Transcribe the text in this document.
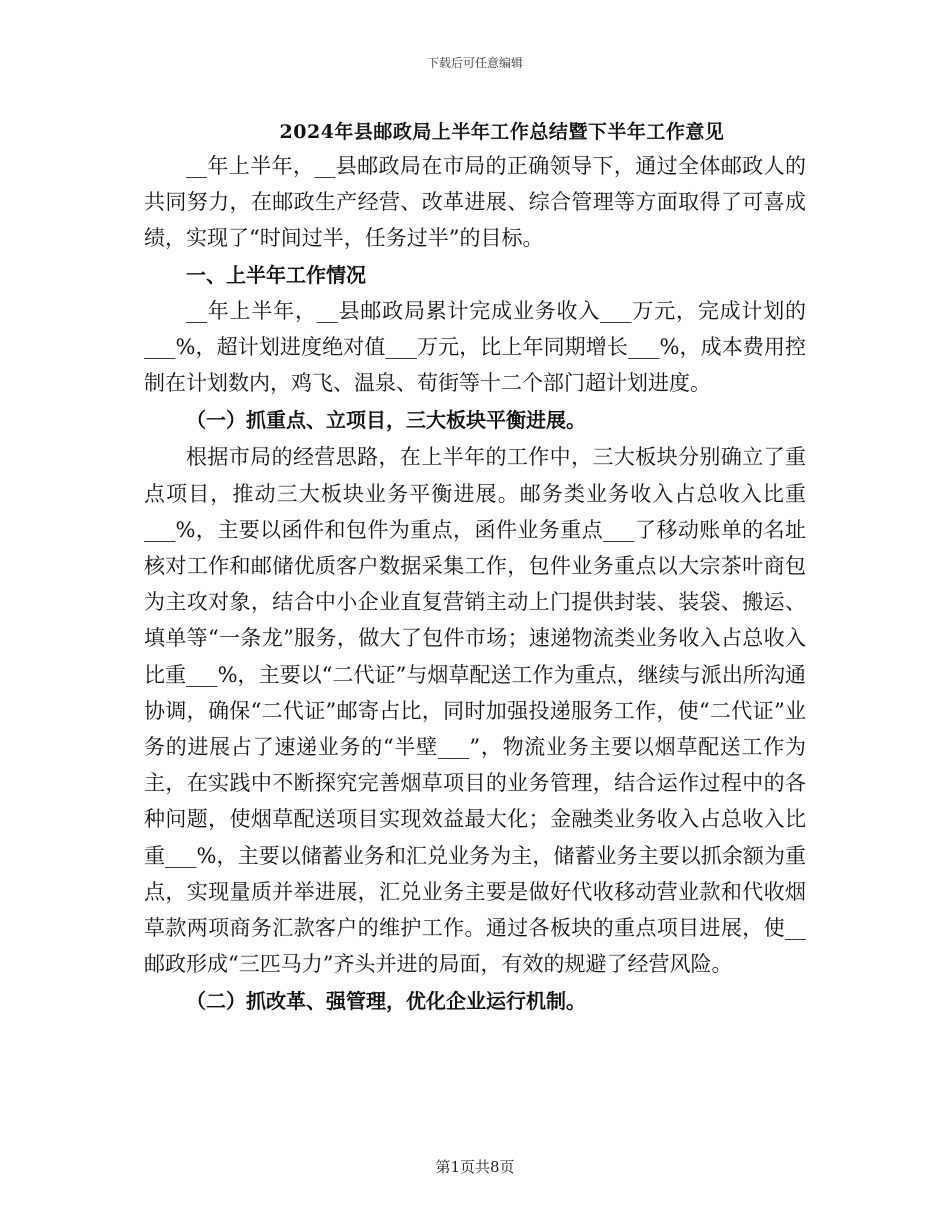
下载后可任意编辑
2024年县邮政局上半年工作总结暨下半年工作意见

__年上半年，__县邮政局在市局的正确领导下，通过全体邮政人的共同努力，在邮政生产经营、改革进展、综合管理等方面取得了可喜成绩，实现了“时间过半，任务过半”的目标。

一、上半年工作情况

__年上半年，__县邮政局累计完成业务收入___万元，完成计划的___%，超计划进度绝对值___万元，比上年同期增长___%，成本费用控制在计划数内，鸡飞、温泉、荀街等十二个部门超计划进度。

（一）抓重点、立项目，三大板块平衡进展。

根据市局的经营思路，在上半年的工作中，三大板块分别确立了重点项目，推动三大板块业务平衡进展。邮务类业务收入占总收入比重___%，主要以函件和包件为重点，函件业务重点___了移动账单的名址核对工作和邮储优质客户数据采集工作，包件业务重点以大宗茶叶商包为主攻对象，结合中小企业直复营销主动上门提供封装、装袋、搬运、填单等“一条龙”服务，做大了包件市场；速递物流类业务收入占总收入比重___%，主要以“二代证”与烟草配送工作为重点，继续与派出所沟通协调，确保“二代证”邮寄占比，同时加强投递服务工作，使“二代证”业务的进展占了速递业务的“半壁___”，物流业务主要以烟草配送工作为主，在实践中不断探究完善烟草项目的业务管理，结合运作过程中的各种问题，使烟草配送项目实现效益最大化；金融类业务收入占总收入比重___%，主要以储蓄业务和汇兑业务为主，储蓄业务主要以抓余额为重点，实现量质并举进展，汇兑业务主要是做好代收移动营业款和代收烟草款两项商务汇款客户的维护工作。通过各板块的重点项目进展，使__邮政形成“三匹马力”齐头并进的局面，有效的规避了经营风险。

（二）抓改革、强管理，优化企业运行机制。

第1页共8页
